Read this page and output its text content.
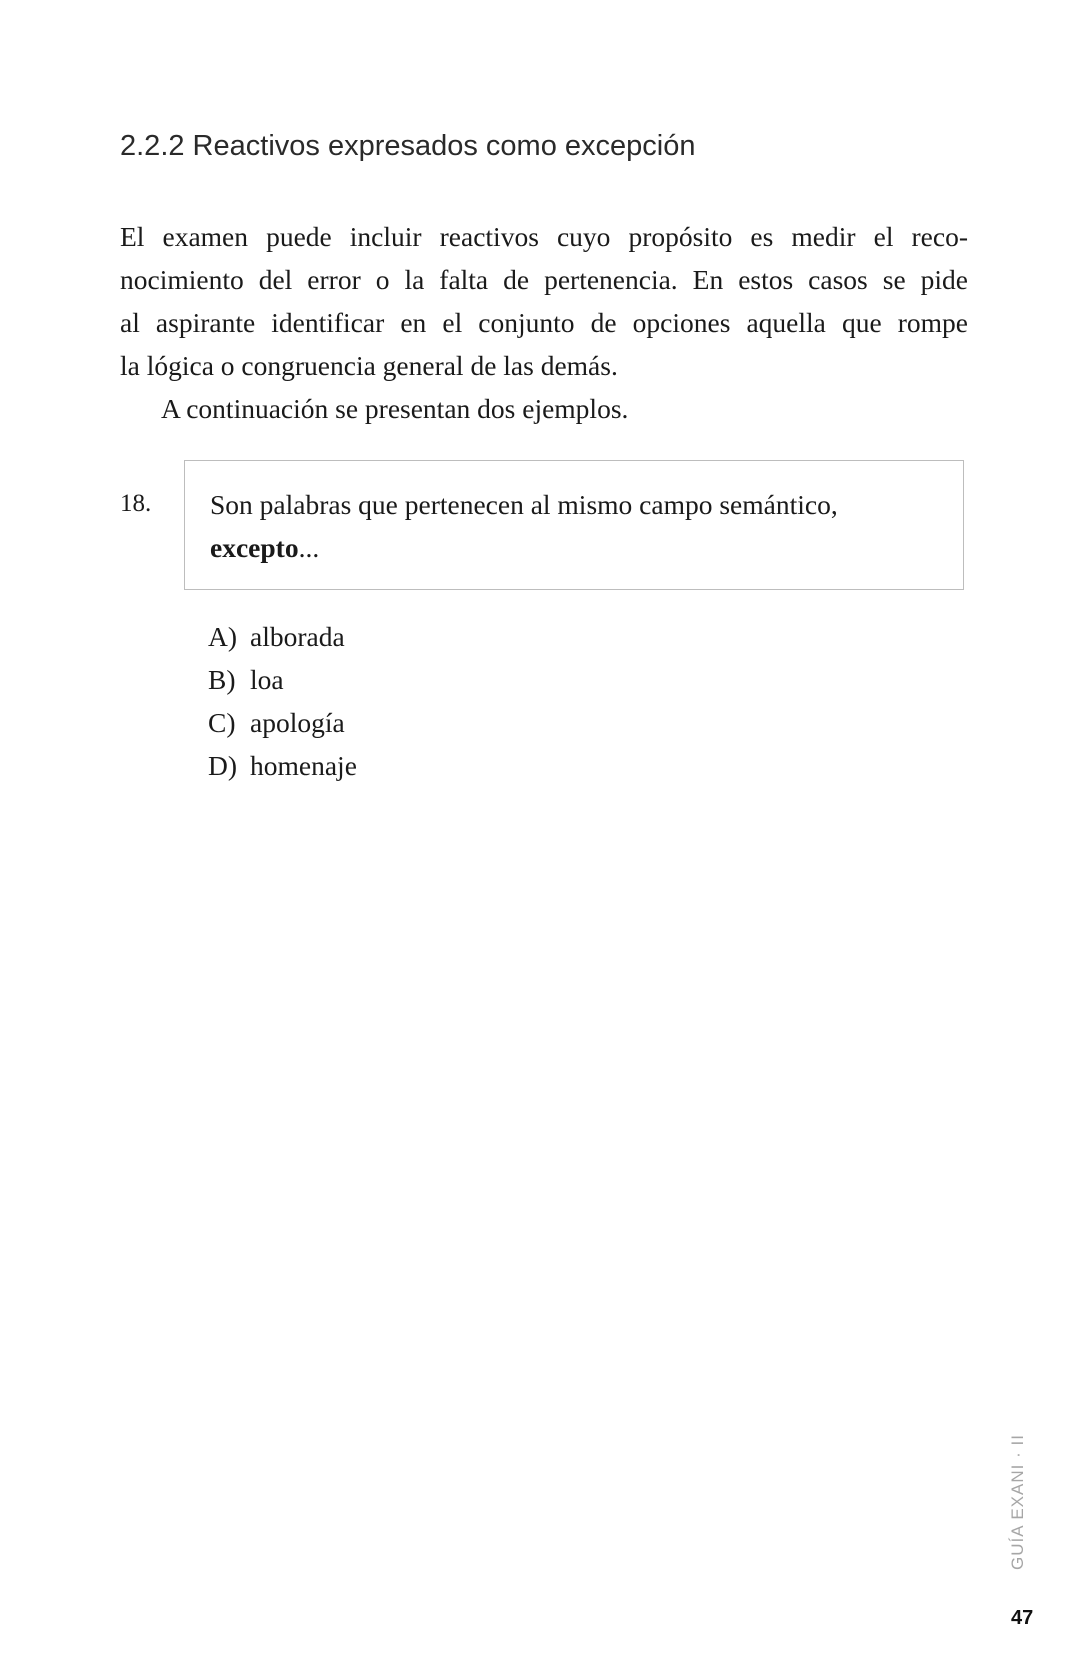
2.2.2 Reactivos expresados como excepción

El examen puede incluir reactivos cuyo propósito es medir el reco-
nocimiento del error o la falta de pertenencia. En estos casos se pide
al aspirante identificar en el conjunto de opciones aquella que rompe
la lógica o congruencia general de las demás.

A continuación se presentan dos ejemplos.

18. Son palabras que pertenecen al mismo campo semántico,
excepto...
A) alborada
B) loa
C) apología
D) homenaje
GUÍA EXANI · II
47
